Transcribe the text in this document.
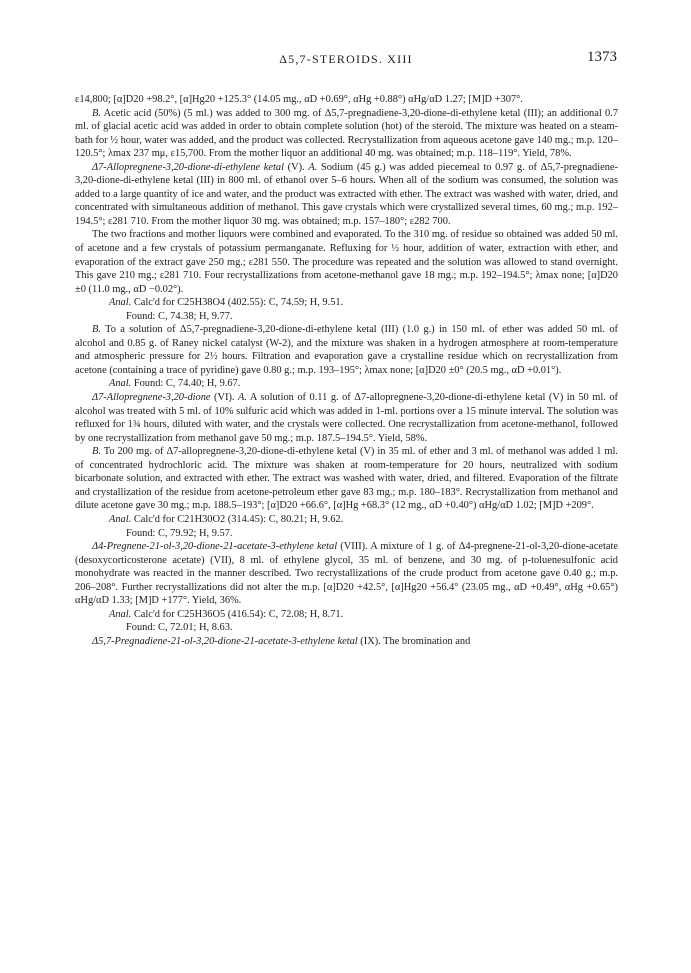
Δ5,7-STEROIDS. XIII	1373

ε14,800; [α]D20 +98.2°, [α]Hg20 +125.3° (14.05 mg., αD +0.69°, αHg +0.88°) αHg/αD 1.27; [M]D +307°.

B. Acetic acid (50%) (5 ml.) was added to 300 mg. of Δ5,7-pregnadiene-3,20-dione-di-ethylene ketal (III); an additional 0.7 ml. of glacial acetic acid was added in order to obtain complete solution (hot) of the steroid. The mixture was heated on a steam-bath for ½ hour, water was added, and the product was collected. Recrystallization from aqueous acetone gave 140 mg.; m.p. 120–120.5°; λmax 237 mμ, ε15,700. From the mother liquor an additional 40 mg. was obtained; m.p. 118–119°. Yield, 78%.

Δ7-Allopregnene-3,20-dione-di-ethylene ketal (V). A. Sodium (45 g.) was added piecemeal to 0.97 g. of Δ5,7-pregnadiene-3,20-dione-di-ethylene ketal (III) in 800 ml. of ethanol over 5–6 hours. When all of the sodium was consumed, the solution was added to a large quantity of ice and water, and the product was extracted with ether. The extract was washed with water, dried, and concentrated with simultaneous addition of methanol. This gave crystals which were crystallized several times, 60 mg.; m.p. 192–194.5°; ε281 710. From the mother liquor 30 mg. was obtained; m.p. 157–180°; ε282 700.

The two fractions and mother liquors were combined and evaporated. To the 310 mg. of residue so obtained was added 50 ml. of acetone and a few crystals of potassium permanganate. Refluxing for ½ hour, addition of water, extraction with ether, and evaporation of the extract gave 250 mg.; ε281 550. The procedure was repeated and the solution was allowed to stand overnight. This gave 210 mg.; ε281 710. Four recrystallizations from acetone-methanol gave 18 mg.; m.p. 192–194.5°; λmax none; [α]D20 ±0 (11.0 mg., αD −0.02°).

Anal. Calc'd for C25H38O4 (402.55): C, 74.59; H, 9.51.

Found: C, 74.38; H, 9.77.

B. To a solution of Δ5,7-pregnadiene-3,20-dione-di-ethylene ketal (III) (1.0 g.) in 150 ml. of ether was added 50 ml. of alcohol and 0.85 g. of Raney nickel catalyst (W-2), and the mixture was shaken in a hydrogen atmosphere at room-temperature and atmospheric pressure for 2½ hours. Filtration and evaporation gave a crystalline residue which on recrystallization from acetone (containing a trace of pyridine) gave 0.80 g.; m.p. 193–195°; λmax none; [α]D20 ±0° (20.5 mg., αD +0.01°).

Anal. Found: C, 74.40; H, 9.67.

Δ7-Allopregnene-3,20-dione (VI). A. A solution of 0.11 g. of Δ7-allopregnene-3,20-dione-di-ethylene ketal (V) in 50 ml. of alcohol was treated with 5 ml. of 10% sulfuric acid which was added in 1-ml. portions over a 15 minute interval. The solution was refluxed for 1¾ hours, diluted with water, and the crystals were collected. One recrystallization from acetone-methanol, followed by one recrystallization from methanol gave 50 mg.; m.p. 187.5–194.5°. Yield, 58%.

B. To 200 mg. of Δ7-allopregnene-3,20-dione-di-ethylene ketal (V) in 35 ml. of ether and 3 ml. of methanol was added 1 ml. of concentrated hydrochloric acid. The mixture was shaken at room-temperature for 20 hours, neutralized with sodium bicarbonate solution, and extracted with ether. The extract was washed with water, dried, and filtered. Evaporation of the filtrate and crystallization of the residue from acetone-petroleum ether gave 83 mg.; m.p. 180–183°. Recrystallization from methanol and dilute acetone gave 30 mg.; m.p. 188.5–193°; [α]D20 +66.6°, [α]Hg +68.3° (12 mg., αD +0.40°) αHg/αD 1.02; [M]D +209°.

Anal. Calc'd for C21H30O2 (314.45): C, 80.21; H, 9.62.

Found: C, 79.92; H, 9.57.

Δ4-Pregnene-21-ol-3,20-dione-21-acetate-3-ethylene ketal (VIII). A mixture of 1 g. of Δ4-pregnene-21-ol-3,20-dione-acetate (desoxycorticosterone acetate) (VII), 8 ml. of ethylene glycol, 35 ml. of benzene, and 30 mg. of p-toluenesulfonic acid monohydrate was reacted in the manner described. Two recrystallizations of the crude product from acetone gave 0.40 g.; m.p. 206–208°. Further recrystallizations did not alter the m.p. [α]D20 +42.5°, [α]Hg20 +56.4° (23.05 mg., αD +0.49°, αHg +0.65°) αHg/αD 1.33; [M]D +177°. Yield, 36%.

Anal. Calc'd for C25H36O5 (416.54): C, 72.08; H, 8.71.

Found: C, 72.01; H, 8.63.

Δ5,7-Pregnadiene-21-ol-3,20-dione-21-acetate-3-ethylene ketal (IX). The bromination and
